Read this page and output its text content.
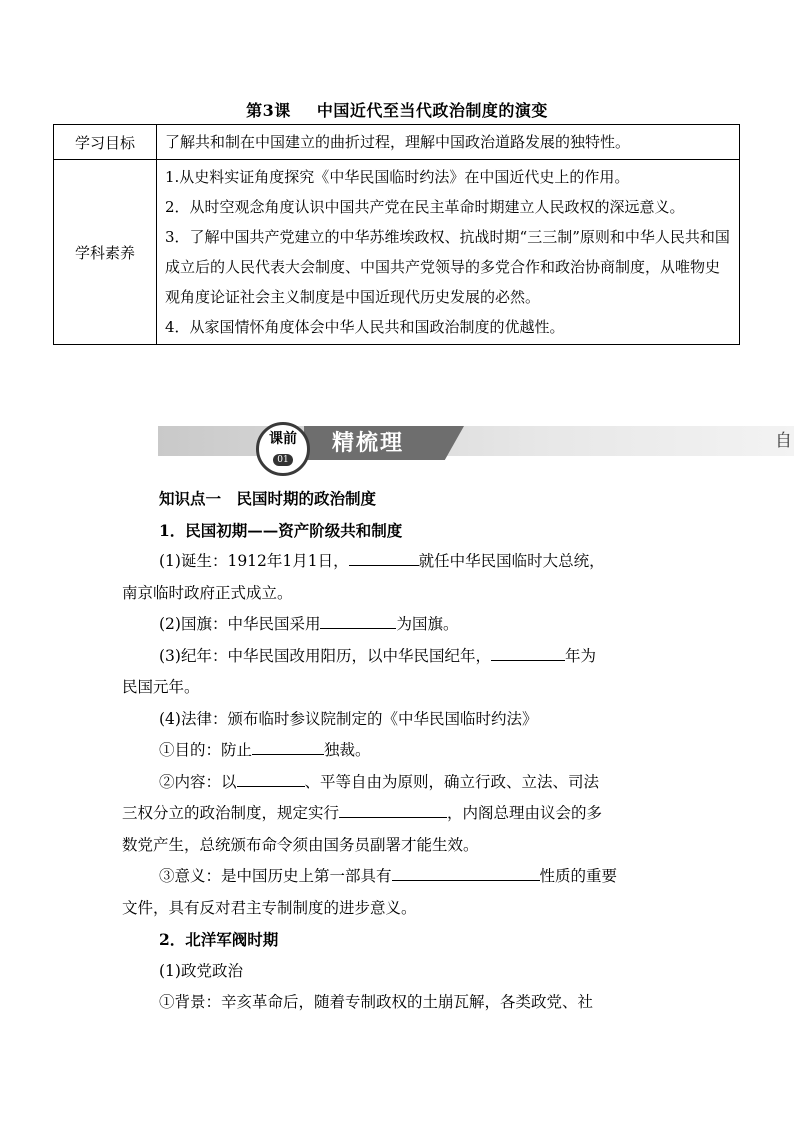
第3课 中国近代至当代政治制度的演变
学习目标	了解共和制在中国建立的曲折过程，理解中国政治道路发展的独特性。
学科素养	1.从史料实证角度探究《中华民国临时约法》在中国近代史上的作用。
2．从时空观念角度认识中国共产党在民主革命时期建立人民政权的深远意义。
3．了解中国共产党建立的中华苏维埃政权、抗战时期“三三制”原则和中华人民共和国成立后的人民代表大会制度、中国共产党领导的多党合作和政治协商制度，从唯物史观角度论证社会主义制度是中国近现代历史发展的必然。
4．从家国情怀角度体会中华人民共和国政治制度的优越性。
课前
01
精梳理	自

知识点一　民国时期的政治制度

1．民国初期——资产阶级共和制度

(1)诞生：1912年1月1日，	就任中华民国临时大总统，

南京临时政府正式成立。

(2)国旗：中华民国采用	为国旗。

(3)纪年：中华民国改用阳历，以中华民国纪年，	年为

民国元年。

(4)法律：颁布临时参议院制定的《中华民国临时约法》

①目的：防止	独裁。

②内容：以	、平等自由为原则，确立行政、立法、司法

三权分立的政治制度，规定实行	，内阁总理由议会的多

数党产生，总统颁布命令须由国务员副署才能生效。

③意义：是中国历史上第一部具有	性质的重要

文件，具有反对君主专制制度的进步意义。

2．北洋军阀时期

(1)政党政治

①背景：辛亥革命后，随着专制政权的土崩瓦解，各类政党、社
